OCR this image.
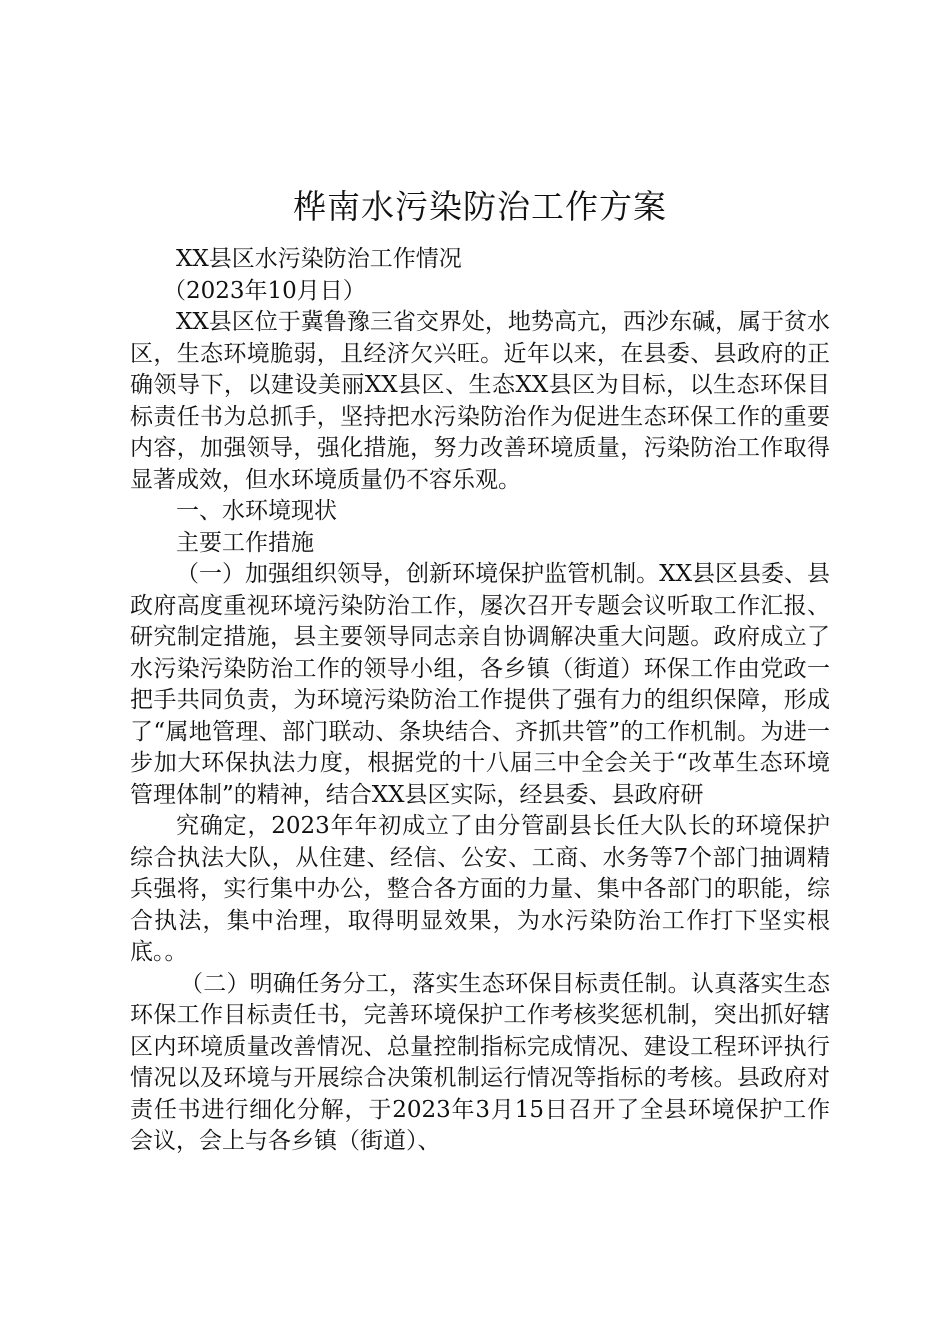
桦南水污染防治工作方案
XX县区水污染防治工作情况
（2023年10月日）

XX县区位于冀鲁豫三省交界处，地势高亢，西沙东碱，属于贫水区，生态环境脆弱，且经济欠兴旺。近年以来，在县委、县政府的正确领导下，以建设美丽XX县区、生态XX县区为目标，以生态环保目标责任书为总抓手，坚持把水污染防治作为促进生态环保工作的重要内容，加强领导，强化措施，努力改善环境质量，污染防治工作取得显著成效，但水环境质量仍不容乐观。

一、水环境现状
主要工作措施

（一）加强组织领导，创新环境保护监管机制。XX县区县委、县政府高度重视环境污染防治工作，屡次召开专题会议听取工作汇报、研究制定措施，县主要领导同志亲自协调解决重大问题。政府成立了水污染污染防治工作的领导小组，各乡镇（街道）环保工作由党政一把手共同负责，为环境污染防治工作提供了强有力的组织保障，形成了“属地管理、部门联动、条块结合、齐抓共管”的工作机制。为进一步加大环保执法力度，根据党的十八届三中全会关于“改革生态环境管理体制”的精神，结合XX县区实际，经县委、县政府研

究确定，2023年年初成立了由分管副县长任大队长的环境保护综合执法大队，从住建、经信、公安、工商、水务等7个部门抽调精兵强将，实行集中办公，整合各方面的力量、集中各部门的职能，综合执法，集中治理，取得明显效果，为水污染防治工作打下坚实根底。。

（二）明确任务分工，落实生态环保目标责任制。认真落实生态环保工作目标责任书，完善环境保护工作考核奖惩机制，突出抓好辖区内环境质量改善情况、总量控制指标完成情况、建设工程环评执行情况以及环境与开展综合决策机制运行情况等指标的考核。县政府对责任书进行细化分解，于2023年3月15日召开了全县环境保护工作会议，会上与各乡镇（街道）、
